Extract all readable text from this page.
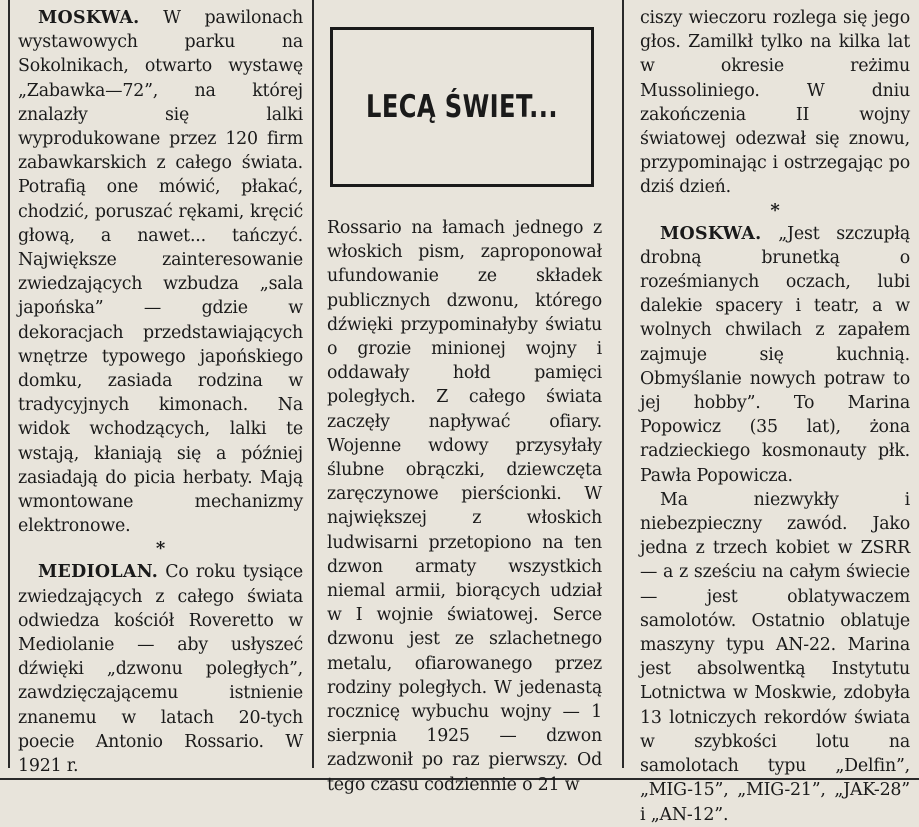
MOSKWA. W pawilonach wystawowych parku na Sokolnikach, otwarto wystawę „Zabawka—72”, na której znalazły się lalki wyprodukowane przez 120 firm zabawkarskich z całego świata. Potrafią one mówić, płakać, chodzić, poruszać rękami, kręcić głową, a nawet... tańczyć. Największe zainteresowanie zwiedzających wzbudza „sala japońska” — gdzie w dekoracjach przedstawiających wnętrze typowego japońskiego domku, zasiada rodzina w tradycyjnych kimonach. Na widok wchodzących, lalki te wstają, kłaniają się a później zasiadają do picia herbaty. Mają wmontowane mechanizmy elektronowe.

*

MEDIOLAN. Co roku tysiące zwiedzających z całego świata odwiedza kościół Roveretto w Mediolanie — aby usłyszeć dźwięki „dzwonu poległych”, zawdzięczającemu istnienie znanemu w latach 20-tych poecie Antonio Rossario. W 1921 r.

LECĄ ŚWIET...

Rossario na łamach jednego z włoskich pism, zaproponował ufundowanie ze składek publicznych dzwonu, którego dźwięki przypominałyby światu o grozie minionej wojny i oddawały hołd pamięci poległych. Z całego świata zaczęły napływać ofiary. Wojenne wdowy przysyłały ślubne obrączki, dziewczęta zaręczynowe pierścionki. W największej z włoskich ludwisarni przetopiono na ten dzwon armaty wszystkich niemal armii, biorących udział w I wojnie światowej. Serce dzwonu jest ze szlachetnego metalu, ofiarowanego przez rodziny poległych. W jedenastą rocznicę wybuchu wojny — 1 sierpnia 1925 — dzwon zadzwonił po raz pierwszy. Od tego czasu codziennie o 21 w

ciszy wieczoru rozlega się jego głos. Zamilkł tylko na kilka lat w okresie reżimu Mussoliniego. W dniu zakończenia II wojny światowej odezwał się znowu, przypominając i ostrzegając po dziś dzień.

*

MOSKWA. „Jest szczupłą drobną brunetką o roześmianych oczach, lubi dalekie spacery i teatr, a w wolnych chwilach z zapałem zajmuje się kuchnią. Obmyślanie nowych potraw to jej hobby”. To Marina Popowicz (35 lat), żona radzieckiego kosmonauty płk. Pawła Popowicza.

Ma niezwykły i niebezpieczny zawód. Jako jedna z trzech kobiet w ZSRR — a z sześciu na całym świecie — jest oblatywaczem samolotów. Ostatnio oblatuje maszyny typu AN-22. Marina jest absolwentką Instytutu Lotnictwa w Moskwie, zdobyła 13 lotniczych rekordów świata w szybkości lotu na samolotach typu „Delfin”, „MIG-15”, „MIG-21”, „JAK-28” i „AN-12”.
